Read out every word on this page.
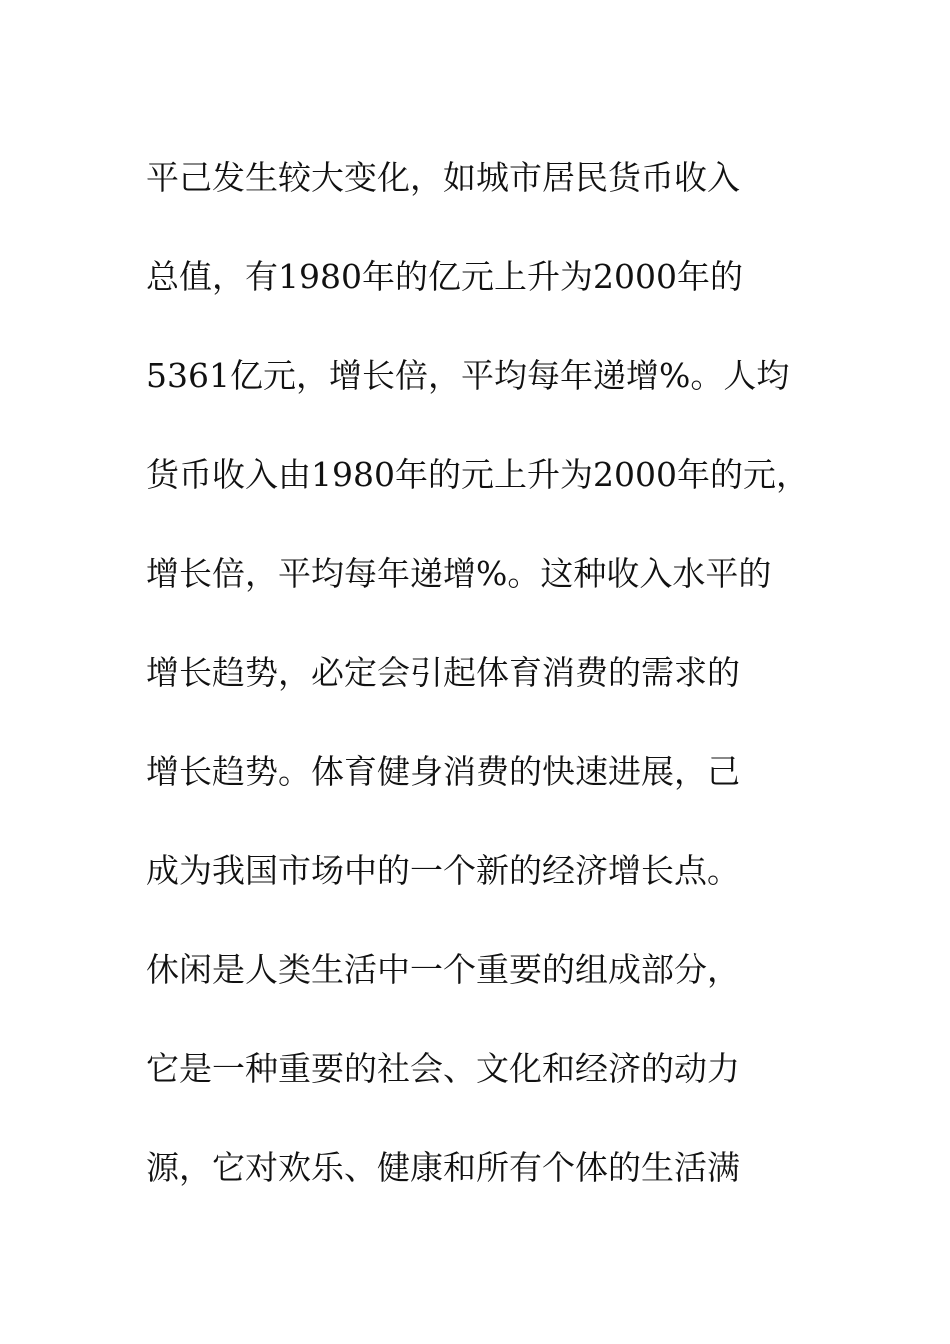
平己发生较大变化，如城市居民货币收入
总值，有1980年的亿元上升为2000年的
5361亿元，增长倍，平均每年递增%。人均
货币收入由1980年的元上升为2000年的元，
增长倍，平均每年递增%。这种收入水平的
增长趋势，必定会引起体育消费的需求的
增长趋势。体育健身消费的快速进展，己
成为我国市场中的一个新的经济增长点。
休闲是人类生活中一个重要的组成部分，
它是一种重要的社会、文化和经济的动力
源，它对欢乐、健康和所有个体的生活满
